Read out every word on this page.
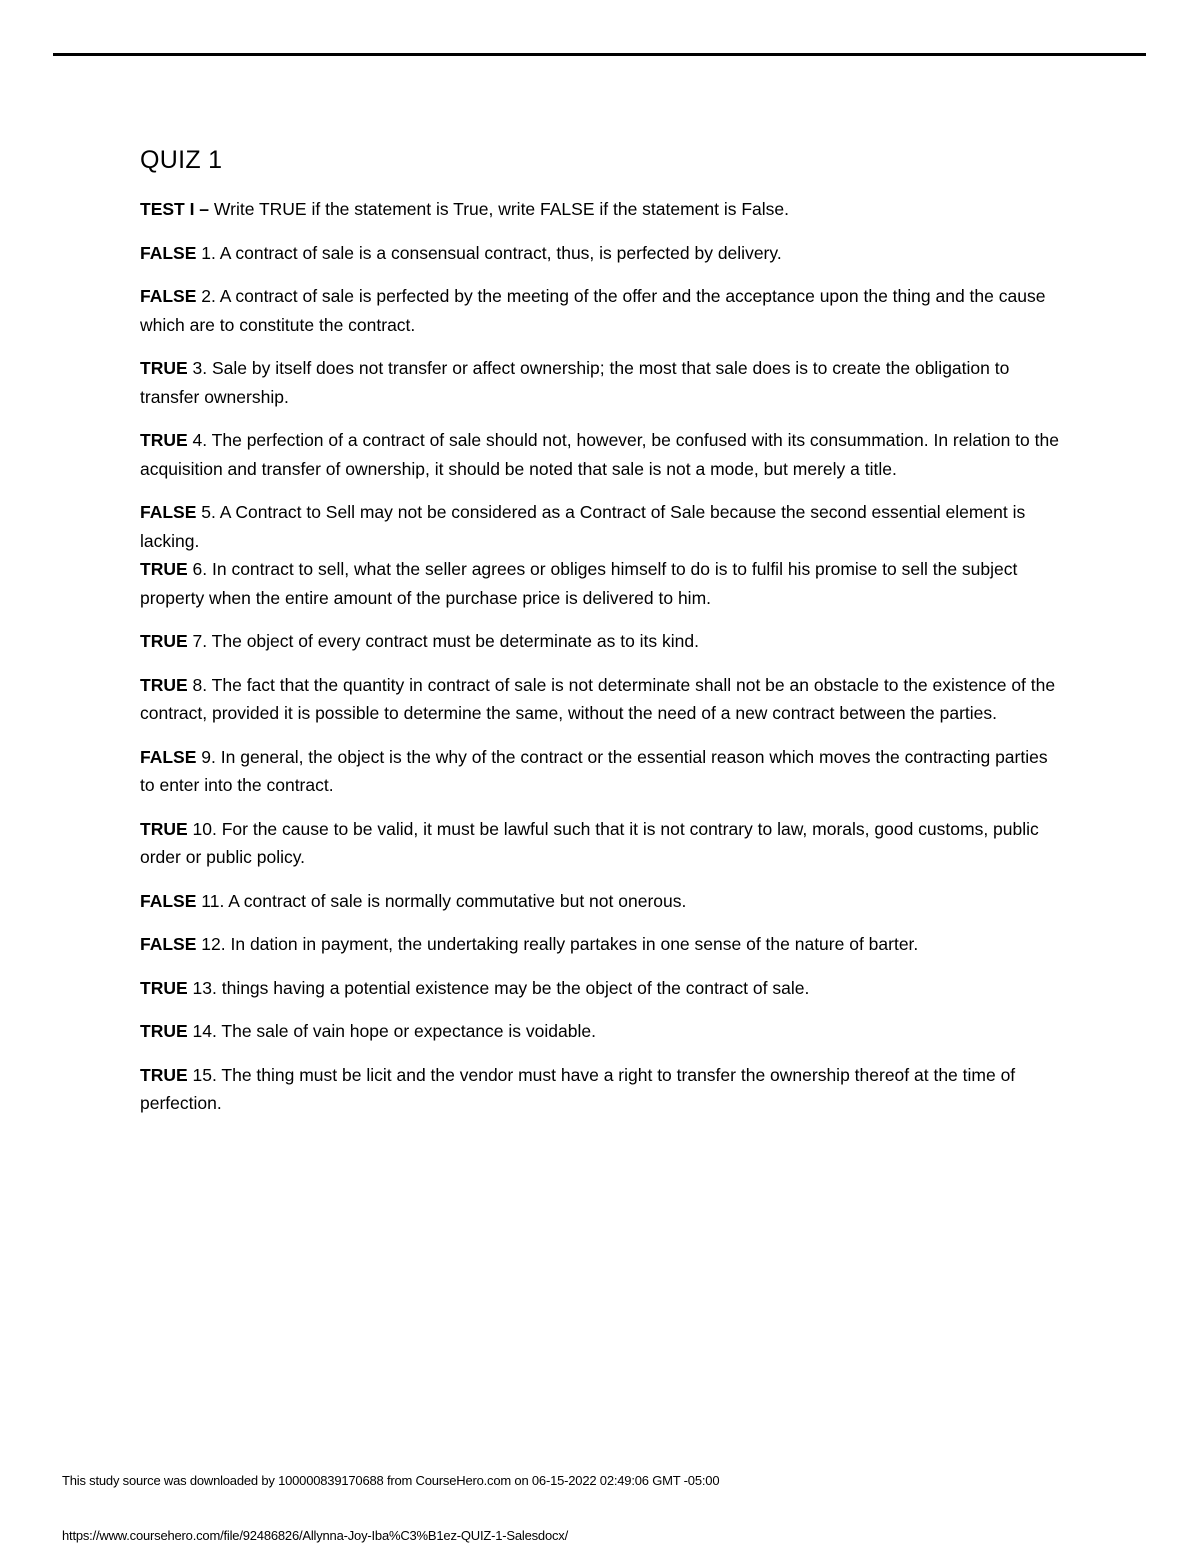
QUIZ 1
TEST I – Write TRUE if the statement is True, write FALSE if the statement is False.
FALSE 1. A contract of sale is a consensual contract, thus, is perfected by delivery.
FALSE 2. A contract of sale is perfected by the meeting of the offer and the acceptance upon the thing and the cause which are to constitute the contract.
TRUE 3. Sale by itself does not transfer or affect ownership; the most that sale does is to create the obligation to transfer ownership.
TRUE 4. The perfection of a contract of sale should not, however, be confused with its consummation. In relation to the acquisition and transfer of ownership, it should be noted that sale is not a mode, but merely a title.
FALSE 5. A Contract to Sell may not be considered as a Contract of Sale because the second essential element is lacking.
TRUE 6. In contract to sell, what the seller agrees or obliges himself to do is to fulfil his promise to sell the subject property when the entire amount of the purchase price is delivered to him.
TRUE 7. The object of every contract must be determinate as to its kind.
TRUE 8. The fact that the quantity in contract of sale is not determinate shall not be an obstacle to the existence of the contract, provided it is possible to determine the same, without the need of a new contract between the parties.
FALSE 9. In general, the object is the why of the contract or the essential reason which moves the contracting parties to enter into the contract.
TRUE 10. For the cause to be valid, it must be lawful such that it is not contrary to law, morals, good customs, public order or public policy.
FALSE 11. A contract of sale is normally commutative but not onerous.
FALSE 12. In dation in payment, the undertaking really partakes in one sense of the nature of barter.
TRUE 13. things having a potential existence may be the object of the contract of sale.
TRUE 14. The sale of vain hope or expectance is voidable.
TRUE 15. The thing must be licit and the vendor must have a right to transfer the ownership thereof at the time of perfection.
This study source was downloaded by 100000839170688 from CourseHero.com on 06-15-2022 02:49:06 GMT -05:00
https://www.coursehero.com/file/92486826/Allynna-Joy-Iba%C3%B1ez-QUIZ-1-Salesdocx/
